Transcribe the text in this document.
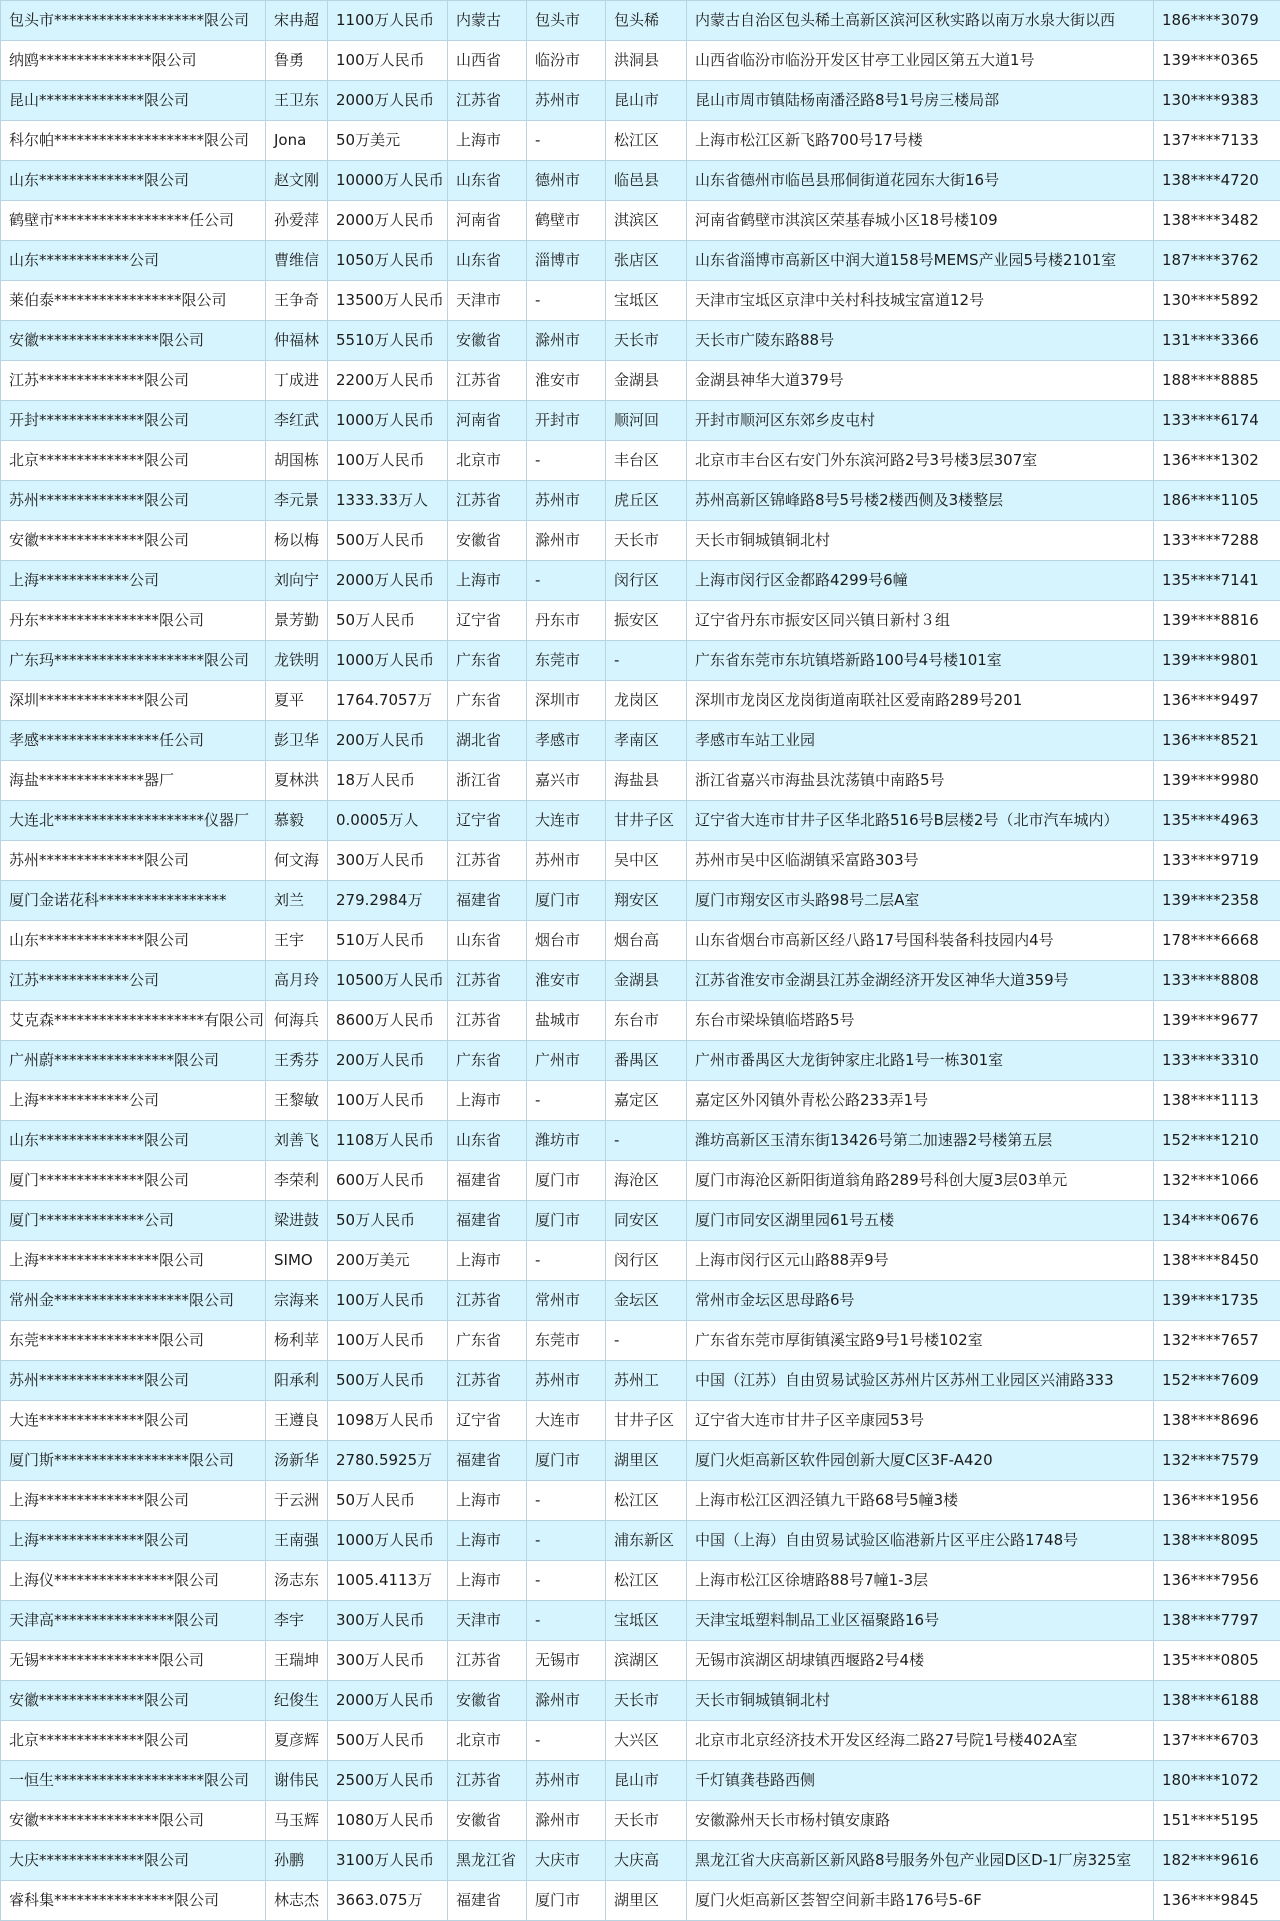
包头市********************限公司	宋冉超	1100万人民币	内蒙古	包头市	包头稀	内蒙古自治区包头稀土高新区滨河区秋实路以南万水泉大街以西	186****3079
纳鸥***************限公司	鲁勇	100万人民币	山西省	临汾市	洪洞县	山西省临汾市临汾开发区甘亭工业园区第五大道1号	139****0365
昆山**************限公司	王卫东	2000万人民币	江苏省	苏州市	昆山市	昆山市周市镇陆杨南潘泾路8号1号房三楼局部	130****9383
科尔帕********************限公司	Jona	50万美元	上海市	-	松江区	上海市松江区新飞路700号17号楼	137****7133
山东**************限公司	赵文刚	10000万人民币	山东省	德州市	临邑县	山东省德州市临邑县邢侗街道花园东大街16号	138****4720
鹤壁市******************任公司	孙爱萍	2000万人民币	河南省	鹤壁市	淇滨区	河南省鹤壁市淇滨区荣基春城小区18号楼109	138****3482
山东************公司	曹维信	1050万人民币	山东省	淄博市	张店区	山东省淄博市高新区中润大道158号MEMS产业园5号楼2101室	187****3762
莱伯泰*****************限公司	王争奇	13500万人民币	天津市	-	宝坻区	天津市宝坻区京津中关村科技城宝富道12号	130****5892
安徽****************限公司	仲福林	5510万人民币	安徽省	滁州市	天长市	天长市广陵东路88号	131****3366
江苏**************限公司	丁成进	2200万人民币	江苏省	淮安市	金湖县	金湖县神华大道379号	188****8885
开封**************限公司	李红武	1000万人民币	河南省	开封市	顺河回	开封市顺河区东郊乡皮屯村	133****6174
北京**************限公司	胡国栋	100万人民币	北京市	-	丰台区	北京市丰台区右安门外东滨河路2号3号楼3层307室	136****1302
苏州**************限公司	李元景	1333.33万人	江苏省	苏州市	虎丘区	苏州高新区锦峰路8号5号楼2楼西侧及3楼整层	186****1105
安徽**************限公司	杨以梅	500万人民币	安徽省	滁州市	天长市	天长市铜城镇铜北村	133****7288
上海************公司	刘向宁	2000万人民币	上海市	-	闵行区	上海市闵行区金都路4299号6幢	135****7141
丹东****************限公司	景芳勤	50万人民币	辽宁省	丹东市	振安区	辽宁省丹东市振安区同兴镇日新村３组	139****8816
广东玛********************限公司	龙铁明	1000万人民币	广东省	东莞市	-	广东省东莞市东坑镇塔新路100号4号楼101室	139****9801
深圳**************限公司	夏平	1764.7057万	广东省	深圳市	龙岗区	深圳市龙岗区龙岗街道南联社区爱南路289号201	136****9497
孝感****************任公司	彭卫华	200万人民币	湖北省	孝感市	孝南区	孝感市车站工业园	136****8521
海盐**************器厂	夏林洪	18万人民币	浙江省	嘉兴市	海盐县	浙江省嘉兴市海盐县沈荡镇中南路5号	139****9980
大连北********************仪器厂	慕毅	0.0005万人	辽宁省	大连市	甘井子区	辽宁省大连市甘井子区华北路516号B层楼2号（北市汽车城内）	135****4963
苏州**************限公司	何文海	300万人民币	江苏省	苏州市	吴中区	苏州市吴中区临湖镇采富路303号	133****9719
厦门金诺花科*****************	刘兰	279.2984万	福建省	厦门市	翔安区	厦门市翔安区市头路98号二层A室	139****2358
山东**************限公司	王宇	510万人民币	山东省	烟台市	烟台高	山东省烟台市高新区经八路17号国科装备科技园内4号	178****6668
江苏************公司	高月玲	10500万人民币	江苏省	淮安市	金湖县	江苏省淮安市金湖县江苏金湖经济开发区神华大道359号	133****8808
艾克森********************有限公司	何海兵	8600万人民币	江苏省	盐城市	东台市	东台市梁垛镇临塔路5号	139****9677
广州蔚****************限公司	王秀芬	200万人民币	广东省	广州市	番禺区	广州市番禺区大龙街钟家庄北路1号一栋301室	133****3310
上海************公司	王黎敏	100万人民币	上海市	-	嘉定区	嘉定区外冈镇外青松公路233弄1号	138****1113
山东**************限公司	刘善飞	1108万人民币	山东省	潍坊市	-	潍坊高新区玉清东街13426号第二加速器2号楼第五层	152****1210
厦门**************限公司	李荣利	600万人民币	福建省	厦门市	海沧区	厦门市海沧区新阳街道翁角路289号科创大厦3层03单元	132****1066
厦门**************公司	梁进鼓	50万人民币	福建省	厦门市	同安区	厦门市同安区湖里园61号五楼	134****0676
上海****************限公司	SIMO	200万美元	上海市	-	闵行区	上海市闵行区元山路88弄9号	138****8450
常州金******************限公司	宗海来	100万人民币	江苏省	常州市	金坛区	常州市金坛区思母路6号	139****1735
东莞****************限公司	杨利苹	100万人民币	广东省	东莞市	-	广东省东莞市厚街镇溪宝路9号1号楼102室	132****7657
苏州**************限公司	阳承利	500万人民币	江苏省	苏州市	苏州工	中国（江苏）自由贸易试验区苏州片区苏州工业园区兴浦路333	152****7609
大连**************限公司	王遵良	1098万人民币	辽宁省	大连市	甘井子区	辽宁省大连市甘井子区辛康园53号	138****8696
厦门斯******************限公司	汤新华	2780.5925万	福建省	厦门市	湖里区	厦门火炬高新区软件园创新大厦C区3F-A420	132****7579
上海**************限公司	于云洲	50万人民币	上海市	-	松江区	上海市松江区泗泾镇九干路68号5幢3楼	136****1956
上海**************限公司	王南强	1000万人民币	上海市	-	浦东新区	中国（上海）自由贸易试验区临港新片区平庄公路1748号	138****8095
上海仪****************限公司	汤志东	1005.4113万	上海市	-	松江区	上海市松江区徐塘路88号7幢1-3层	136****7956
天津高****************限公司	李宇	300万人民币	天津市	-	宝坻区	天津宝坻塑料制品工业区福聚路16号	138****7797
无锡****************限公司	王瑞坤	300万人民币	江苏省	无锡市	滨湖区	无锡市滨湖区胡埭镇西堰路2号4楼	135****0805
安徽**************限公司	纪俊生	2000万人民币	安徽省	滁州市	天长市	天长市铜城镇铜北村	138****6188
北京**************限公司	夏彦辉	500万人民币	北京市	-	大兴区	北京市北京经济技术开发区经海二路27号院1号楼402A室	137****6703
一恒生********************限公司	谢伟民	2500万人民币	江苏省	苏州市	昆山市	千灯镇龚巷路西侧	180****1072
安徽****************限公司	马玉辉	1080万人民币	安徽省	滁州市	天长市	安徽滁州天长市杨村镇安康路	151****5195
大庆**************限公司	孙鹏	3100万人民币	黑龙江省	大庆市	大庆高	黑龙江省大庆高新区新风路8号服务外包产业园D区D-1厂房325室	182****9616
睿科集****************限公司	林志杰	3663.075万	福建省	厦门市	湖里区	厦门火炬高新区荟智空间新丰路176号5-6F	136****9845
